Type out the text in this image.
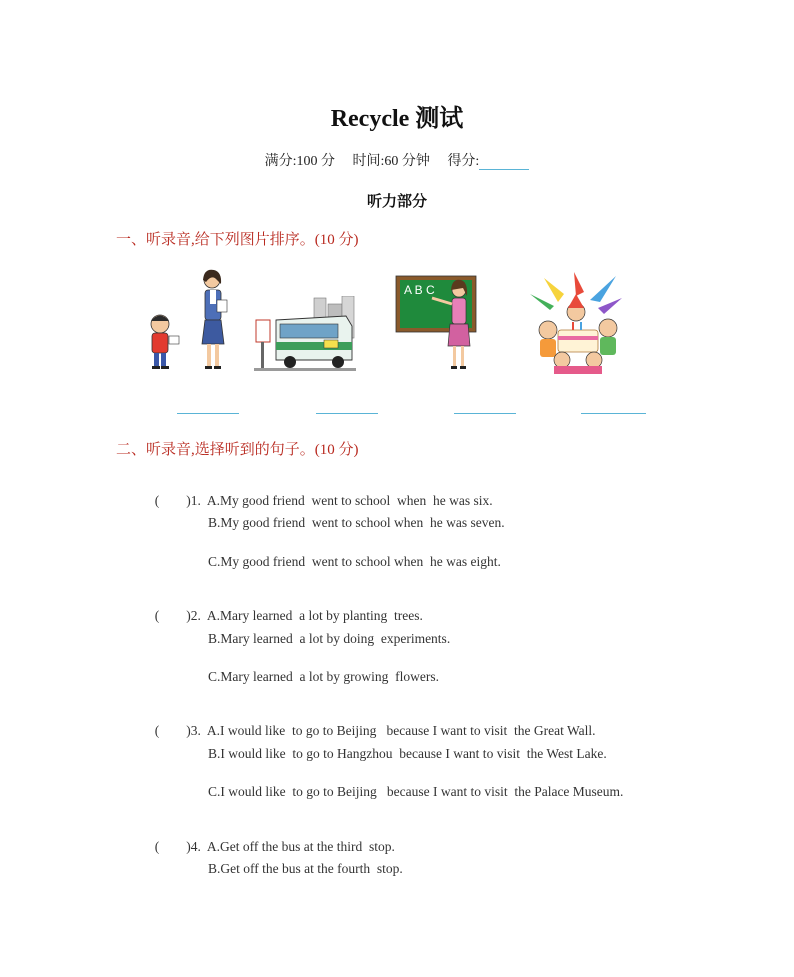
Recycle 测试
满分:100 分 时间:60 分钟 得分:
听力部分
一、听录音,给下列图片排序。(10 分)
A B C
二、听录音,选择听到的句子。(10 分)

(        )1. A.My good friend  went to school  when  he was six.

B.My good friend  went to school when  he was seven.
C.My good friend  went to school when  he was eight.

(        )2. A.Mary learned  a lot by planting  trees.

B.Mary learned  a lot by doing  experiments.
C.Mary learned  a lot by growing  flowers.

(        )3. A.I would like  to go to Beijing   because I want to visit  the Great Wall.

B.I would like  to go to Hangzhou  because I want to visit  the West Lake.
C.I would like  to go to Beijing   because I want to visit  the Palace Museum.

(        )4. A.Get off the bus at the third  stop.

B.Get off the bus at the fourth  stop.
